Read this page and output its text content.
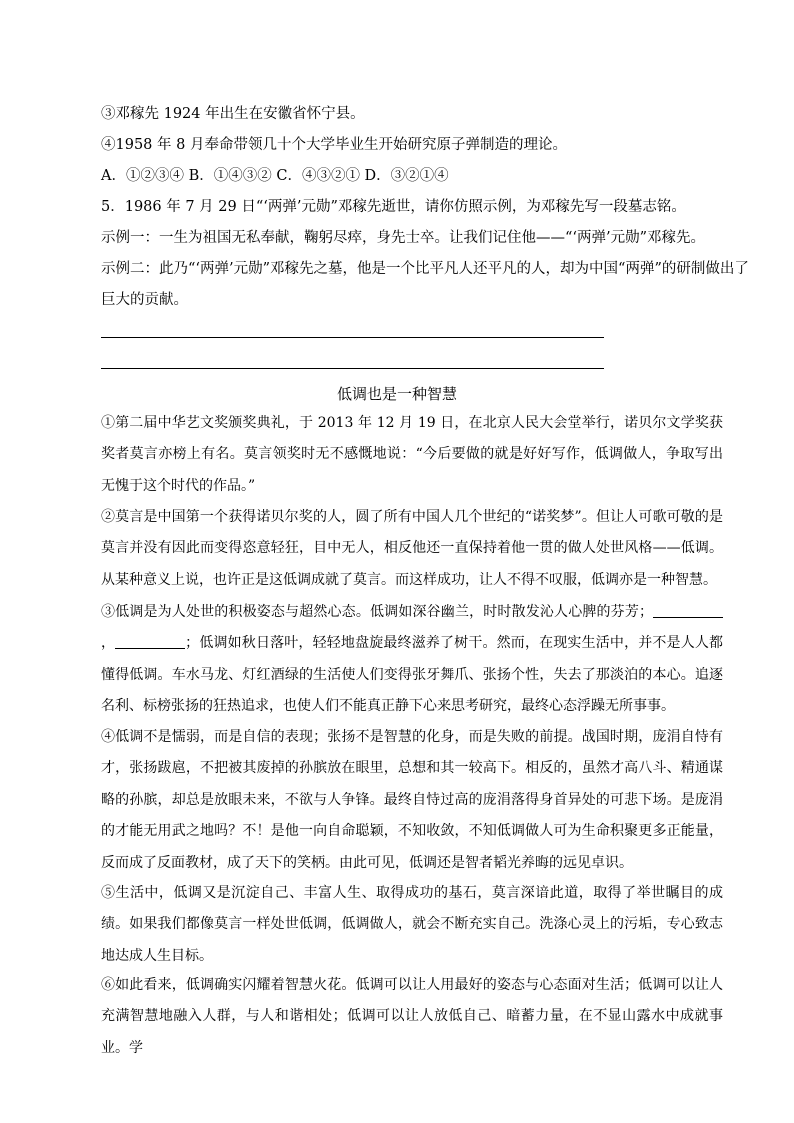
③邓稼先 1924 年出生在安徽省怀宁县。
④1958 年 8 月奉命带领几十个大学毕业生开始研究原子弹制造的理论。
A．①②③④ B．①④③② C．④③②① D．③②①④
5．1986 年 7 月 29 日“‘两弹’元勋”邓稼先逝世，请你仿照示例，为邓稼先写一段墓志铭。
示例一：一生为祖国无私奉献，鞠躬尽瘁，身先士卒。让我们记住他——“‘两弹’元勋”邓稼先。
示例二：此乃“‘两弹’元勋”邓稼先之墓，他是一个比平凡人还平凡的人，却为中国“两弹”的研制做出了
巨大的贡献。
低调也是一种智慧
①第二届中华艺文奖颁奖典礼，于 2013 年 12 月 19 日，在北京人民大会堂举行，诺贝尔文学奖获奖者莫言亦榜上有名。莫言领奖时无不感慨地说：“今后要做的就是好好写作，低调做人，争取写出无愧于这个时代的作品。”
②莫言是中国第一个获得诺贝尔奖的人，圆了所有中国人几个世纪的“诺奖梦”。但让人可歌可敬的是莫言并没有因此而变得恣意轻狂，目中无人，相反他还一直保持着他一贯的做人处世风格——低调。从某种意义上说，也许正是这低调成就了莫言。而这样成功，让人不得不叹服，低调亦是一种智慧。
③低调是为人处世的积极姿态与超然心态。低调如深谷幽兰，时时散发沁人心脾的芬芳；，	；低调如秋日落叶，轻轻地盘旋最终滋养了树干。然而，在现实生活中，并不是人人都懂得低调。车水马龙、灯红酒绿的生活使人们变得张牙舞爪、张扬个性，失去了那淡泊的本心。追逐名利、标榜张扬的狂热追求，也使人们不能真正静下心来思考研究，最终心态浮躁无所事事。
④低调不是懦弱，而是自信的表现；张扬不是智慧的化身，而是失败的前提。战国时期，庞涓自恃有才，张扬跋扈，不把被其废掉的孙膑放在眼里，总想和其一较高下。相反的，虽然才高八斗、精通谋略的孙膑，却总是放眼未来，不欲与人争锋。最终自恃过高的庞涓落得身首异处的可悲下场。是庞涓的才能无用武之地吗？不！是他一向自命聪颖，不知收敛，不知低调做人可为生命积聚更多正能量，反而成了反面教材，成了天下的笑柄。由此可见，低调还是智者韬光养晦的远见卓识。
⑤生活中，低调又是沉淀自己、丰富人生、取得成功的基石，莫言深谙此道，取得了举世瞩目的成绩。如果我们都像莫言一样处世低调，低调做人，就会不断充实自己。洗涤心灵上的污垢，专心致志地达成人生目标。
⑥如此看来，低调确实闪耀着智慧火花。低调可以让人用最好的姿态与心态面对生活；低调可以让人充满智慧地融入人群，与人和谐相处；低调可以让人放低自己、暗蓄力量，在不显山露水中成就事业。学
